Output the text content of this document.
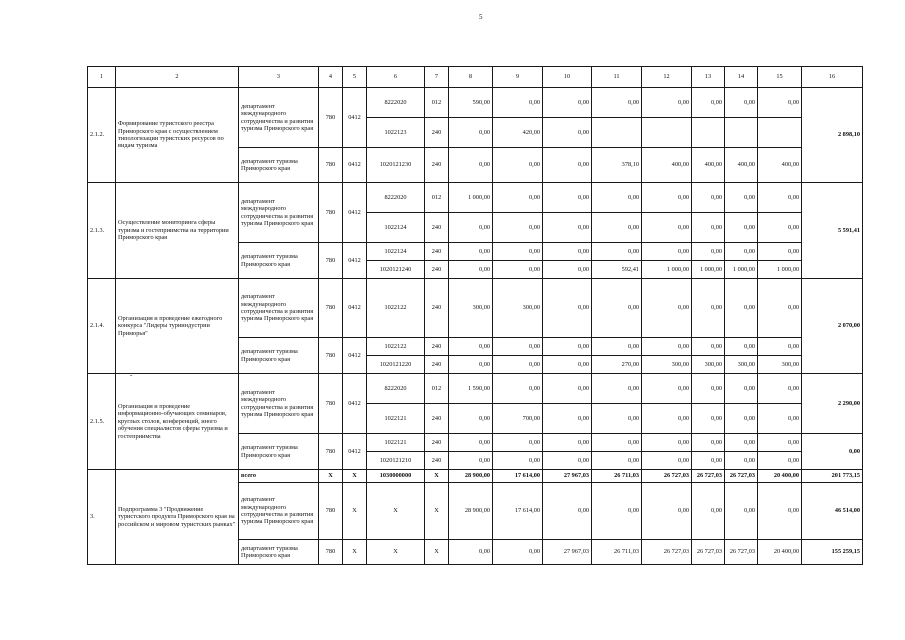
5
-
1	2	3	4	5	6	7	8	9	10	11	12	13	14	15	16
2.1.2.	Формирование туристского реестра Приморского края с осуществлением типологизации туристских ресурсов по видам туризма	департамент международного сотрудничества и развития туризма Приморского края	780	0412	8222020	012	590,00	0,00	0,00	0,00	0,00	0,00	0,00	0,00	2 898,10
					1022123	240	0,00	420,00	0,00						
		департамент туризма Приморского края	780	0412	1020121230	240	0,00	0,00	0,00	378,10	400,00	400,00	400,00	400,00	
2.1.3.	Осуществление мониторинга сферы туризма и гостеприимства на территории Приморского края	департамент международного сотрудничества и развития туризма Приморского края	780	0412	8222020	012	1 000,00	0,00	0,00	0,00	0,00	0,00	0,00	0,00	5 591,41
					1022124	240	0,00	0,00	0,00	0,00	0,00	0,00	0,00	0,00	
		департамент туризма Приморского края	780	0412	1022124	240	0,00	0,00	0,00	0,00	0,00	0,00	0,00	0,00	
					1020121240	240	0,00	0,00	0,00	592,41	1 000,00	1 000,00	1 000,00	1 000,00	
2.1.4.	Организация и проведение ежегодного конкурса "Лидеры турииндустрии Приморья"	департамент международного сотрудничества и развития туризма Приморского края	780	0412	1022122	240	300,00	300,00	0,00	0,00	0,00	0,00	0,00	0,00	2 070,00
		департамент туризма Приморского края	780	0412	1022122	240	0,00	0,00	0,00	0,00	0,00	0,00	0,00	0,00	
					1020121220	240	0,00	0,00	0,00	270,00	300,00	300,00	300,00	300,00	
2.1.5.	Организация и проведение информационно-обучающих семинаров, круглых столов, конференций, иного обучения специалистов сферы туризма и гостеприимства	департамент международного сотрудничества и развития туризма Приморского края	780	0412	8222020	012	1 590,00	0,00	0,00	0,00	0,00	0,00	0,00	0,00	2 290,00
					1022121	240	0,00	700,00	0,00	0,00	0,00	0,00	0,00	0,00	
		департамент туризма Приморского края	780	0412	1022121	240	0,00	0,00	0,00	0,00	0,00	0,00	0,00	0,00	0,00
					1020121210	240	0,00	0,00	0,00	0,00	0,00	0,00	0,00	0,00	
3.	Подпрограмма 3 "Продвижение туристского продукта Приморского края на российском и мировом туристских рынках"	всего	X	X	1030000000	X	28 900,00	17 614,00	27 967,03	26 711,03	26 727,03	26 727,03	26 727,03	20 400,00	201 773,15
		департамент международного сотрудничества и развития туризма Приморского края	780	X	X	X	28 900,00	17 614,00	0,00	0,00	0,00	0,00	0,00	0,00	46 514,00
		департамент туризма Приморского края	780	X	X	X	0,00	0,00	27 967,03	26 711,03	26 727,03	26 727,03	26 727,03	20 400,00	155 259,15
